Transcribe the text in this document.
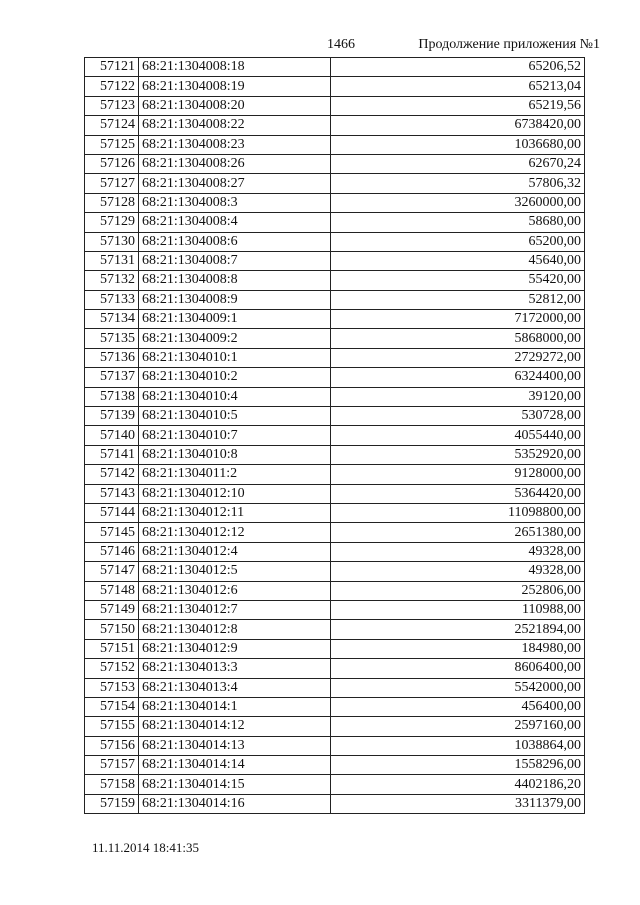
1466	Продолжение приложения №1
57121	68:21:1304008:18	65206,52
57122	68:21:1304008:19	65213,04
57123	68:21:1304008:20	65219,56
57124	68:21:1304008:22	6738420,00
57125	68:21:1304008:23	1036680,00
57126	68:21:1304008:26	62670,24
57127	68:21:1304008:27	57806,32
57128	68:21:1304008:3	3260000,00
57129	68:21:1304008:4	58680,00
57130	68:21:1304008:6	65200,00
57131	68:21:1304008:7	45640,00
57132	68:21:1304008:8	55420,00
57133	68:21:1304008:9	52812,00
57134	68:21:1304009:1	7172000,00
57135	68:21:1304009:2	5868000,00
57136	68:21:1304010:1	2729272,00
57137	68:21:1304010:2	6324400,00
57138	68:21:1304010:4	39120,00
57139	68:21:1304010:5	530728,00
57140	68:21:1304010:7	4055440,00
57141	68:21:1304010:8	5352920,00
57142	68:21:1304011:2	9128000,00
57143	68:21:1304012:10	5364420,00
57144	68:21:1304012:11	11098800,00
57145	68:21:1304012:12	2651380,00
57146	68:21:1304012:4	49328,00
57147	68:21:1304012:5	49328,00
57148	68:21:1304012:6	252806,00
57149	68:21:1304012:7	110988,00
57150	68:21:1304012:8	2521894,00
57151	68:21:1304012:9	184980,00
57152	68:21:1304013:3	8606400,00
57153	68:21:1304013:4	5542000,00
57154	68:21:1304014:1	456400,00
57155	68:21:1304014:12	2597160,00
57156	68:21:1304014:13	1038864,00
57157	68:21:1304014:14	1558296,00
57158	68:21:1304014:15	4402186,20
57159	68:21:1304014:16	3311379,00
11.11.2014 18:41:35
